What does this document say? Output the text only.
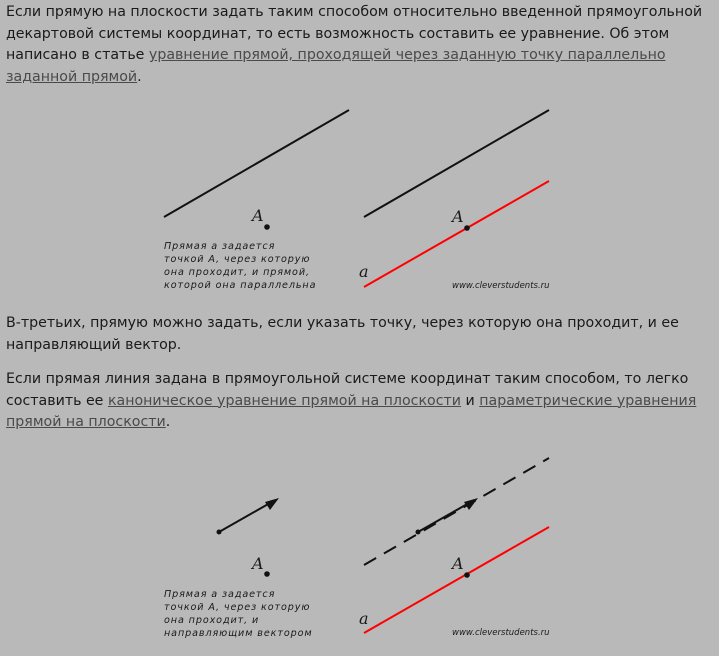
Если прямую на плоскости задать таким способом относительно введенной прямоугольной декартовой системы координат, то есть возможность составить ее уравнение. Об этом написано в статье уравнение прямой, проходящей через заданную точку параллельно заданной прямой.

A
Прямая a задается
точкой A, через которую
она проходит, и прямой,
которой она параллельна
A
a
www.cleverstudents.ru

В-третьих, прямую можно задать, если указать точку, через которую она проходит, и ее направляющий вектор.

Если прямая линия задана в прямоугольной системе координат таким способом, то легко составить ее каноническое уравнение прямой на плоскости и параметрические уравнения прямой на плоскости.

A
Прямая a задается
точкой A, через которую
она проходит, и
направляющим вектором
A
a
www.cleverstudents.ru
